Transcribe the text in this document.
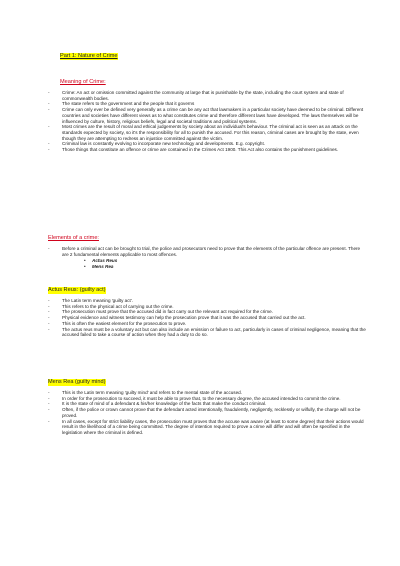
Part 1: Nature of Crime
Meaning of Crime:
- Crime: An act or omission committed against the community at large that is punishable by the state, including the court system and state of commonwealth bodies.
- The state refers to the government and the people that it governs
- Crime can only ever be defined very generally as a crime can be any act that lawmakers in a particular society have deemed to be criminal. Different countries and societies have different views as to what constitutes crime and therefore different laws have developed. The laws themselves will be influenced by culture, history, religious beliefs, legal and societal traditions and political systems.
- Most crimes are the result of moral and ethical judgements by society about an individual's behaviour. The criminal act is seen as an attack on the standards expected by society, so it's the responsibility for all to punish the accused. For this reason, criminal cases are brought by the state, even though they are attempting to redress an injustice committed against the victim.
- Criminal law is constantly evolving to incorporate new technology and developments. E.g. copyright.
- Those things that constitute an offence or crime are contained in the Crimes Act 1900. This Act also contains the punishment guidelines.
Elements of a crime:
- Before a criminal act can be brought to trial, the police and prosecutors need to prove that the elements of the particular offence are present. There are 2 fundamental elements applicable to most offences.
• Actus Reus
• Mens Rea
Actus Reus: (guilty act)
- The Latin term meaning 'guilty act'.
- This refers to the physical act of carrying out the crime.
- The prosecution must prove that the accused did in fact carry out the relevant act required for the crime.
- Physical evidence and witness testimony can help the prosecution prove that it was the accused that carried out the act.
- This is often the easiest element for the prosecution to prove.
- The actus reus must be a voluntary act but can also include an emission or failure to act, particularly in cases of criminal negligence, meaning that the accused failed to take a course of action when they had a duty to do so.
Mens Rea (guilty mind)
- This is the Latin term meaning 'guilty mind' and refers to the mental state of the accused.
- In order for the prosecution to succeed, it must be able to prove that, to the necessary degree, the accused intended to commit the crime.
- It is the state of mind of a defendant & his/her knowledge of the facts that make the conduct criminal.
- Often, if the police or crown cannot prove that the defendant acted intentionally, fraudulently, negligently, recklessly or wilfully, the charge will not be proved.
- In all cases, except for strict liability cases, the prosecution must proves that the accuse was aware (at least to some degree) that their actions would result in the likelihood of a crime being committed. The degree of intention required to prove a crime will differ and will often be specified in the legislation where the criminal is defined.
